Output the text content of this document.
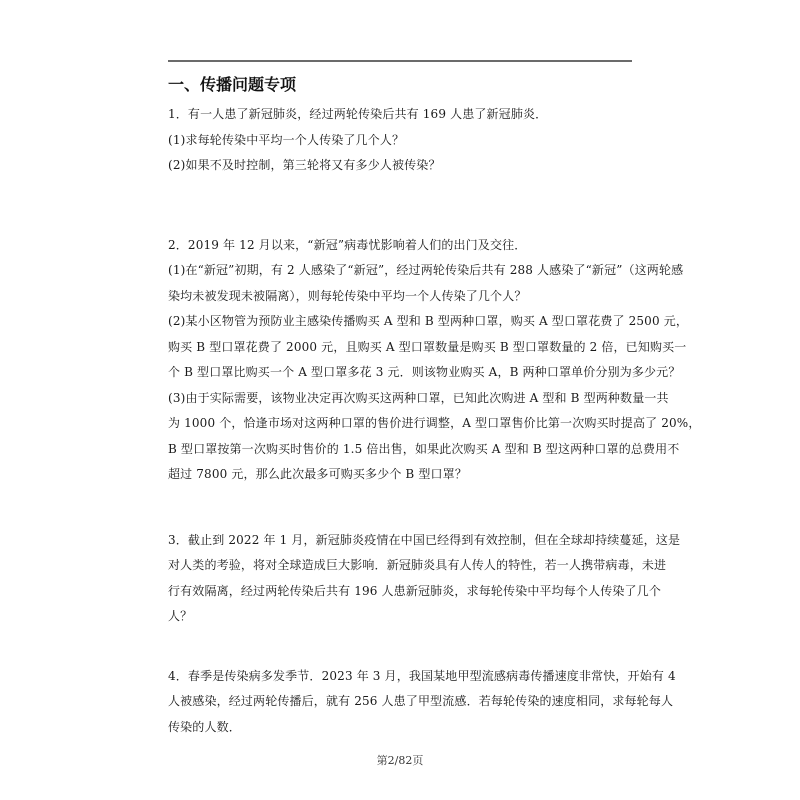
一、传播问题专项
1．有一人患了新冠肺炎，经过两轮传染后共有 169 人患了新冠肺炎．
(1)求每轮传染中平均一个人传染了几个人？
(2)如果不及时控制，第三轮将又有多少人被传染？
2．2019 年 12 月以来，“新冠”病毒忧影响着人们的出门及交往．
(1)在“新冠”初期，有 2 人感染了“新冠”，经过两轮传染后共有 288 人感染了“新冠”（这两轮感
染均未被发现未被隔离），则每轮传染中平均一个人传染了几个人？
(2)某小区物管为预防业主感染传播购买 A 型和 B 型两种口罩，购买 A 型口罩花费了 2500 元，
购买 B 型口罩花费了 2000 元，且购买 A 型口罩数量是购买 B 型口罩数量的 2 倍，已知购买一
个 B 型口罩比购买一个 A 型口罩多花 3 元．则该物业购买 A，B 两种口罩单价分别为多少元？
(3)由于实际需要，该物业决定再次购买这两种口罩，已知此次购进 A 型和 B 型两种数量一共
为 1000 个，恰逢市场对这两种口罩的售价进行调整，A 型口罩售价比第一次购买时提高了 20%，
B 型口罩按第一次购买时售价的 1.5 倍出售，如果此次购买 A 型和 B 型这两种口罩的总费用不
超过 7800 元，那么此次最多可购买多少个 B 型口罩？
3．截止到 2022 年 1 月，新冠肺炎疫情在中国已经得到有效控制，但在全球却持续蔓延，这是
对人类的考验，将对全球造成巨大影响．新冠肺炎具有人传人的特性，若一人携带病毒，未进
行有效隔离，经过两轮传染后共有 196 人患新冠肺炎，求每轮传染中平均每个人传染了几个
人？
4．春季是传染病多发季节．2023 年 3 月，我国某地甲型流感病毒传播速度非常快，开始有 4
人被感染，经过两轮传播后，就有 256 人患了甲型流感．若每轮传染的速度相同，求每轮每人
传染的人数．
第2/82页
